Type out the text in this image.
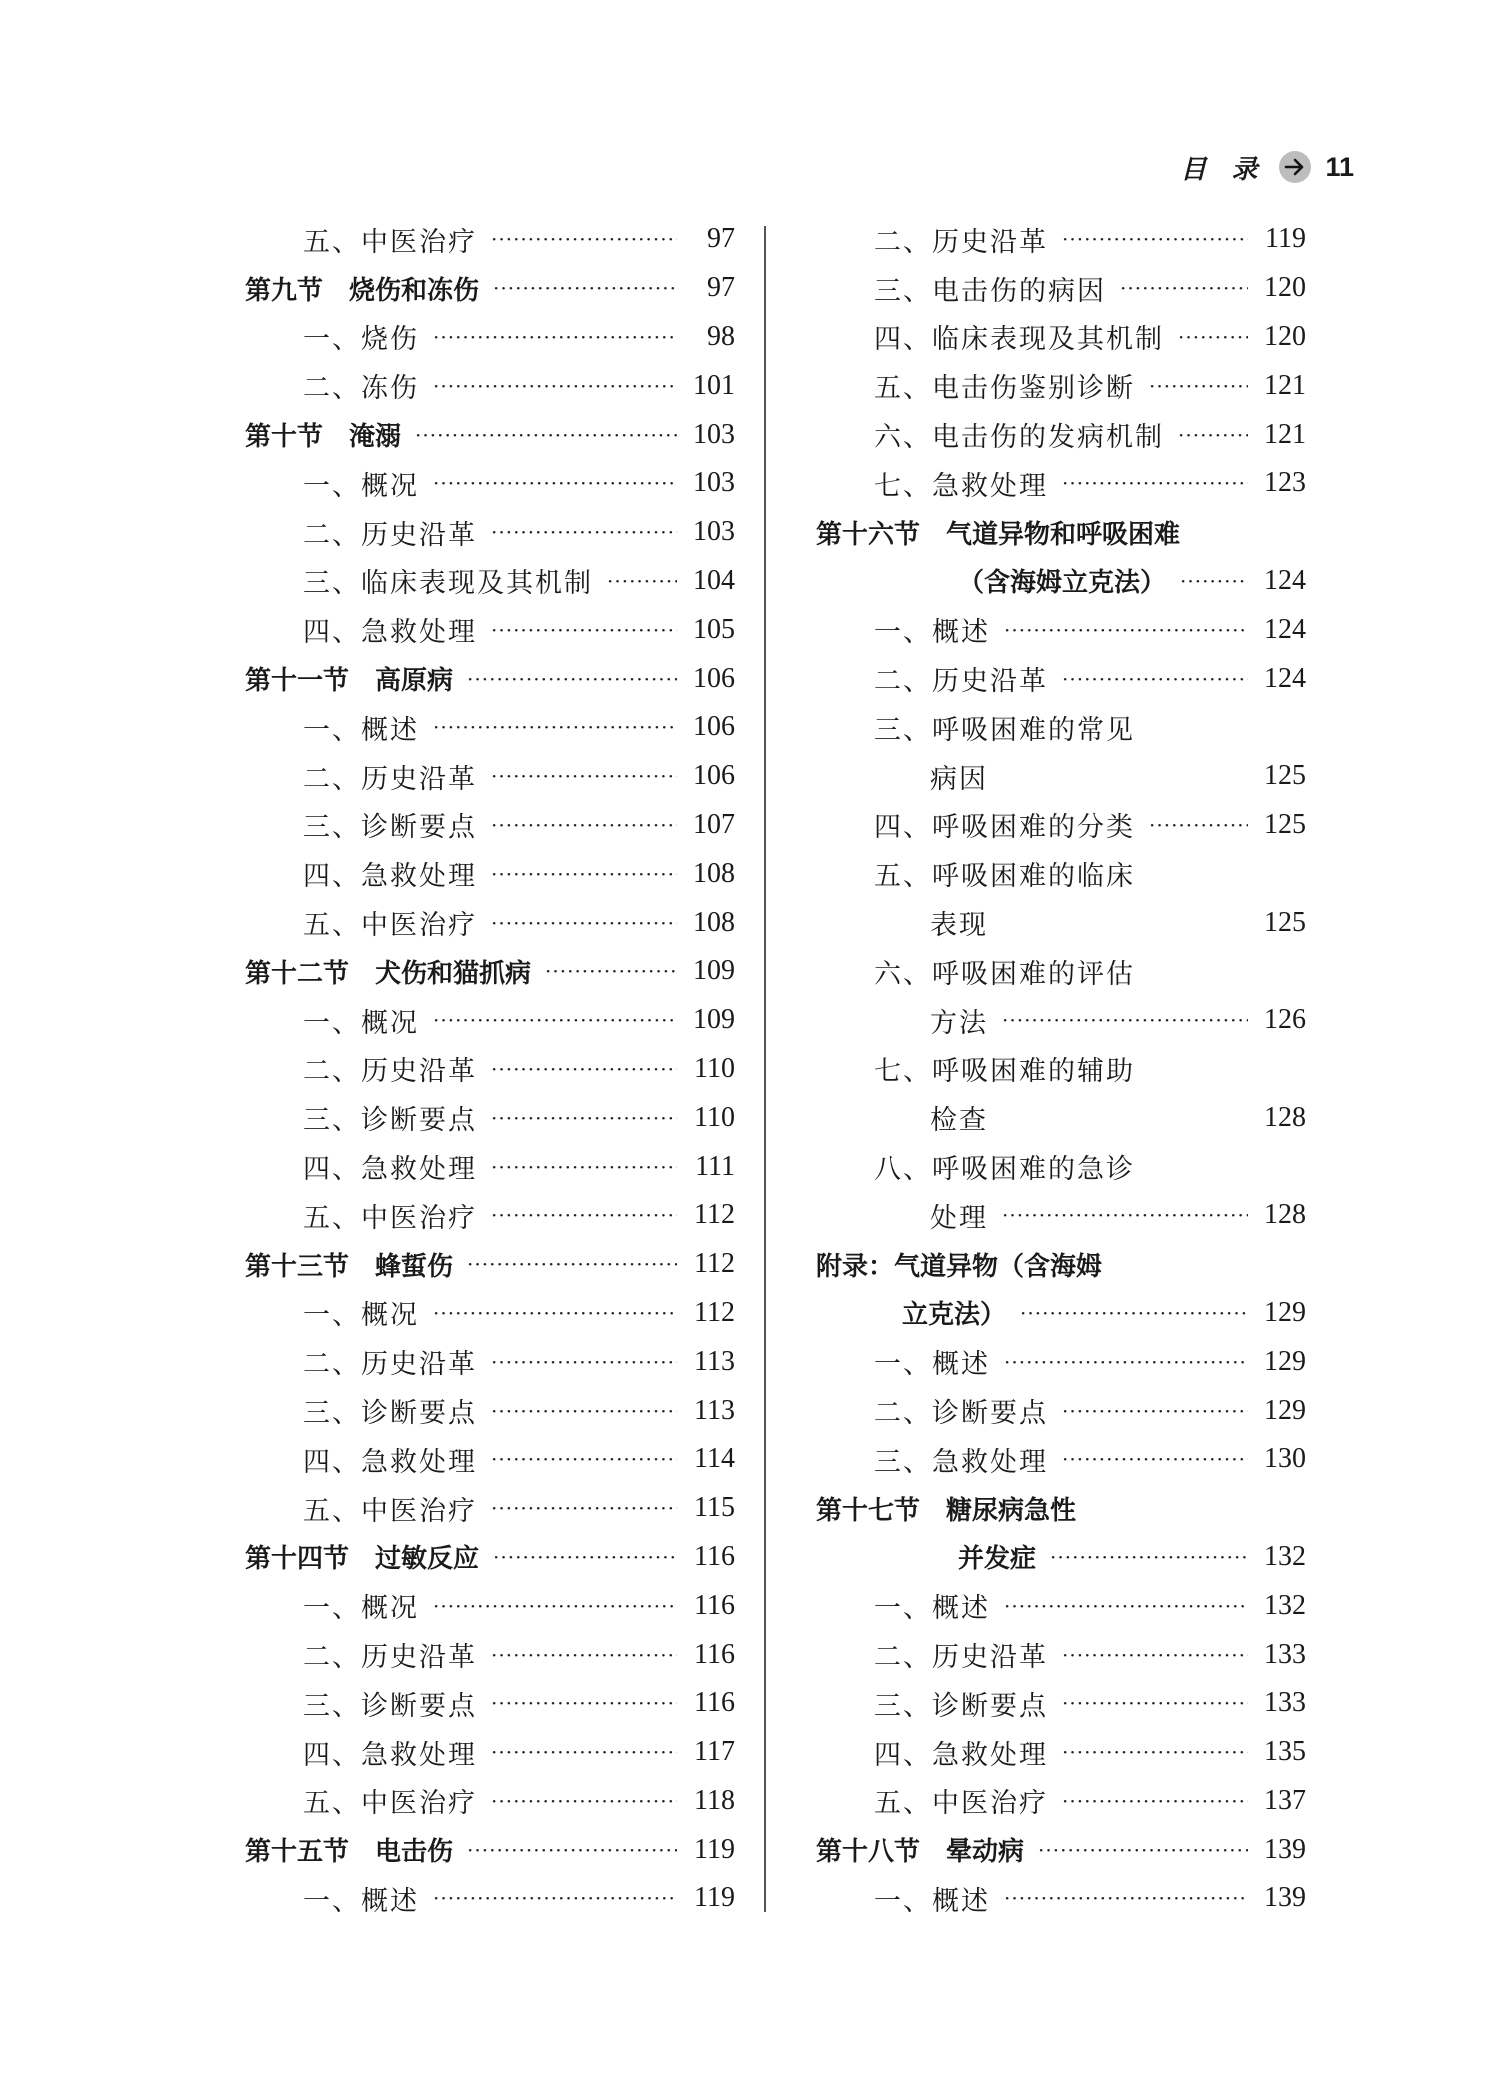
目 录 11
五、中医治疗 ·····	97
第九节　烧伤和冻伤 ·····	97
一、烧伤 ·····	98
二、冻伤 ·····	101
第十节　淹溺 ·····	103
一、概况 ·····	103
二、历史沿革 ·····	103
三、临床表现及其机制 ·····	104
四、急救处理 ·····	105
第十一节　高原病 ·····	106
一、概述 ·····	106
二、历史沿革 ·····	106
三、诊断要点 ·····	107
四、急救处理 ·····	108
五、中医治疗 ·····	108
第十二节　犬伤和猫抓病 ·····	109
一、概况 ·····	109
二、历史沿革 ·····	110
三、诊断要点 ·····	110
四、急救处理 ·····	111
五、中医治疗 ·····	112
第十三节　蜂蜇伤 ·····	112
一、概况 ·····	112
二、历史沿革 ·····	113
三、诊断要点 ·····	113
四、急救处理 ·····	114
五、中医治疗 ·····	115
第十四节　过敏反应 ·····	116
一、概况 ·····	116
二、历史沿革 ·····	116
三、诊断要点 ·····	116
四、急救处理 ·····	117
五、中医治疗 ·····	118
第十五节　电击伤 ·····	119
一、概述 ·····	119
二、历史沿革 ·····	119
三、电击伤的病因 ·····	120
四、临床表现及其机制 ·····	120
五、电击伤鉴别诊断 ·····	121
六、电击伤的发病机制 ·····	121
七、急救处理 ·····	123
第十六节　气道异物和呼吸困难
（含海姆立克法） ·····	124
一、概述 ·····	124
二、历史沿革 ·····	124
三、呼吸困难的常见
病因	125
四、呼吸困难的分类 ·····	125
五、呼吸困难的临床
表现	125
六、呼吸困难的评估
方法 ·····	126
七、呼吸困难的辅助
检查	128
八、呼吸困难的急诊
处理 ·····	128
附录：气道异物（含海姆
立克法） ·····	129
一、概述 ·····	129
二、诊断要点 ·····	129
三、急救处理 ·····	130
第十七节　糖尿病急性
并发症 ·····	132
一、概述 ·····	132
二、历史沿革 ·····	133
三、诊断要点 ·····	133
四、急救处理 ·····	135
五、中医治疗 ·····	137
第十八节　晕动病 ·····	139
一、概述 ·····	139
